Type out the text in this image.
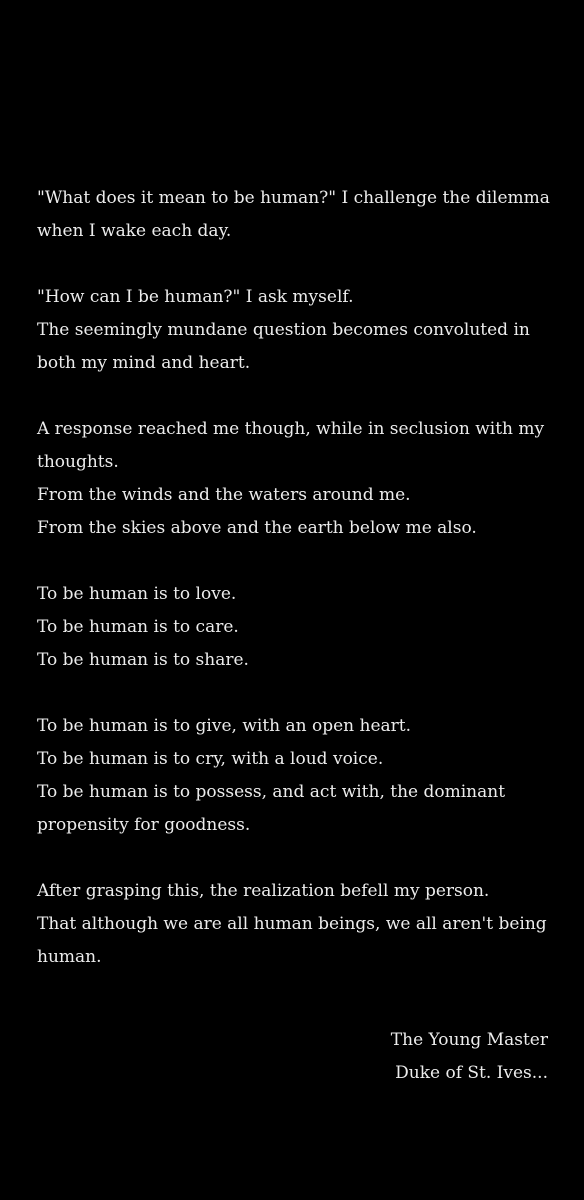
"What does it mean to be human?" I challenge the dilemma
when I wake each day.
"How can I be human?" I ask myself.
The seemingly mundane question becomes convoluted in
both my mind and heart.
A response reached me though, while in seclusion with my
thoughts.
From the winds and the waters around me.
From the skies above and the earth below me also.
To be human is to love.
To be human is to care.
To be human is to share.
To be human is to give, with an open heart.
To be human is to cry, with a loud voice.
To be human is to possess, and act with, the dominant
propensity for goodness.
After grasping this, the realization befell my person.
That although we are all human beings, we all aren't being
human.
The Young Master
Duke of St. Ives...
